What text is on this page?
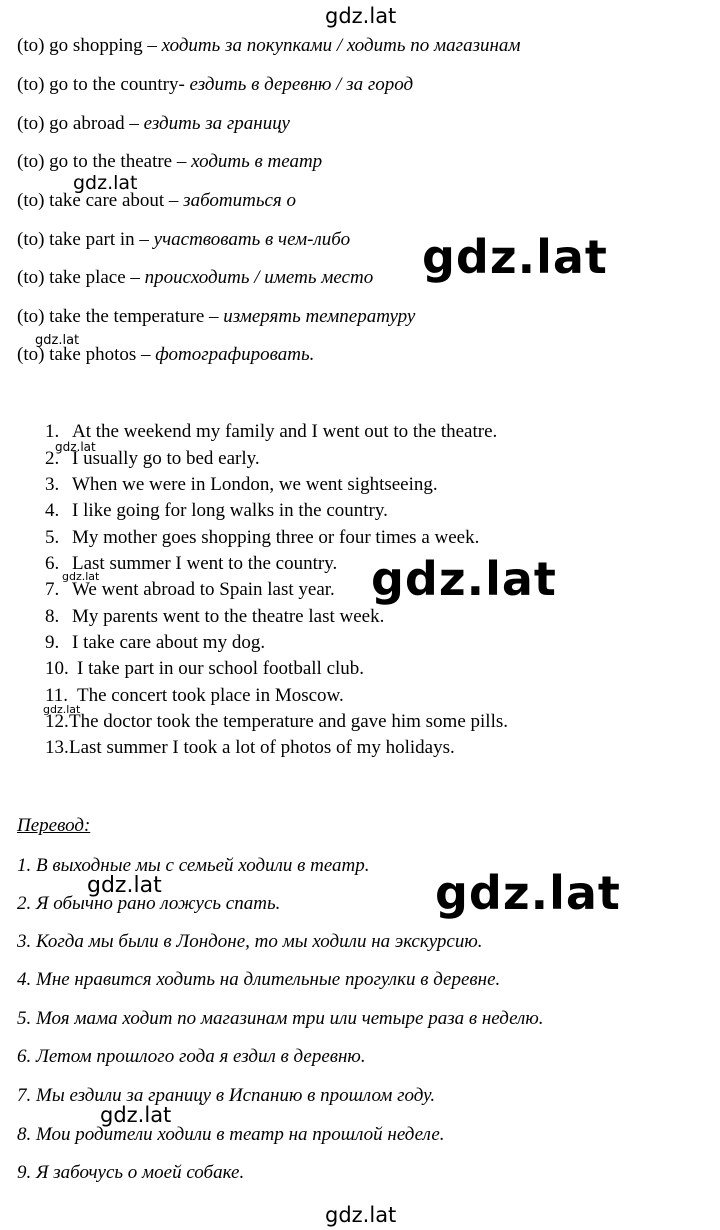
gdz.lat
gdz.lat
gdz.lat
gdz.lat
gdz.lat
gdz.lat
gdz.lat
gdz.lat
gdz.lat
gdz.lat
gdz.lat
gdz.lat
(to) go shopping – ходить за покупками / ходить по магазинам
(to) go to the country- ездить в деревню / за город
(to) go abroad – ездить за границу
(to) go to the theatre – ходить в театр
(to) take care about – заботиться о
(to) take part in – участвовать в чем-либо
(to) take place – происходить / иметь место
(to) take the temperature – измерять температуру
(to) take photos – фотографировать.
1. At the weekend my family and I went out to the theatre.
2. I usually go to bed early.
3. When we were in London, we went sightseeing.
4. I like going for long walks in the country.
5. My mother goes shopping three or four times a week.
6. Last summer I went to the country.
7. We went abroad to Spain last year.
8. My parents went to the theatre last week.
9. I take care about my dog.
10. I take part in our school football club.
11. The concert took place in Moscow.
12. The doctor took the temperature and gave him some pills.
13. Last summer I took a lot of photos of my holidays.
Перевод:
1. В выходные мы с семьей ходили в театр.
2. Я обычно рано ложусь спать.
3. Когда мы были в Лондоне, то мы ходили на экскурсию.
4. Мне нравится ходить на длительные прогулки в деревне.
5. Моя мама ходит по магазинам три или четыре раза в неделю.
6. Летом прошлого года я ездил в деревню.
7. Мы ездили за границу в Испанию в прошлом году.
8. Мои родители ходили в театр на прошлой неделе.
9. Я забочусь о моей собаке.
